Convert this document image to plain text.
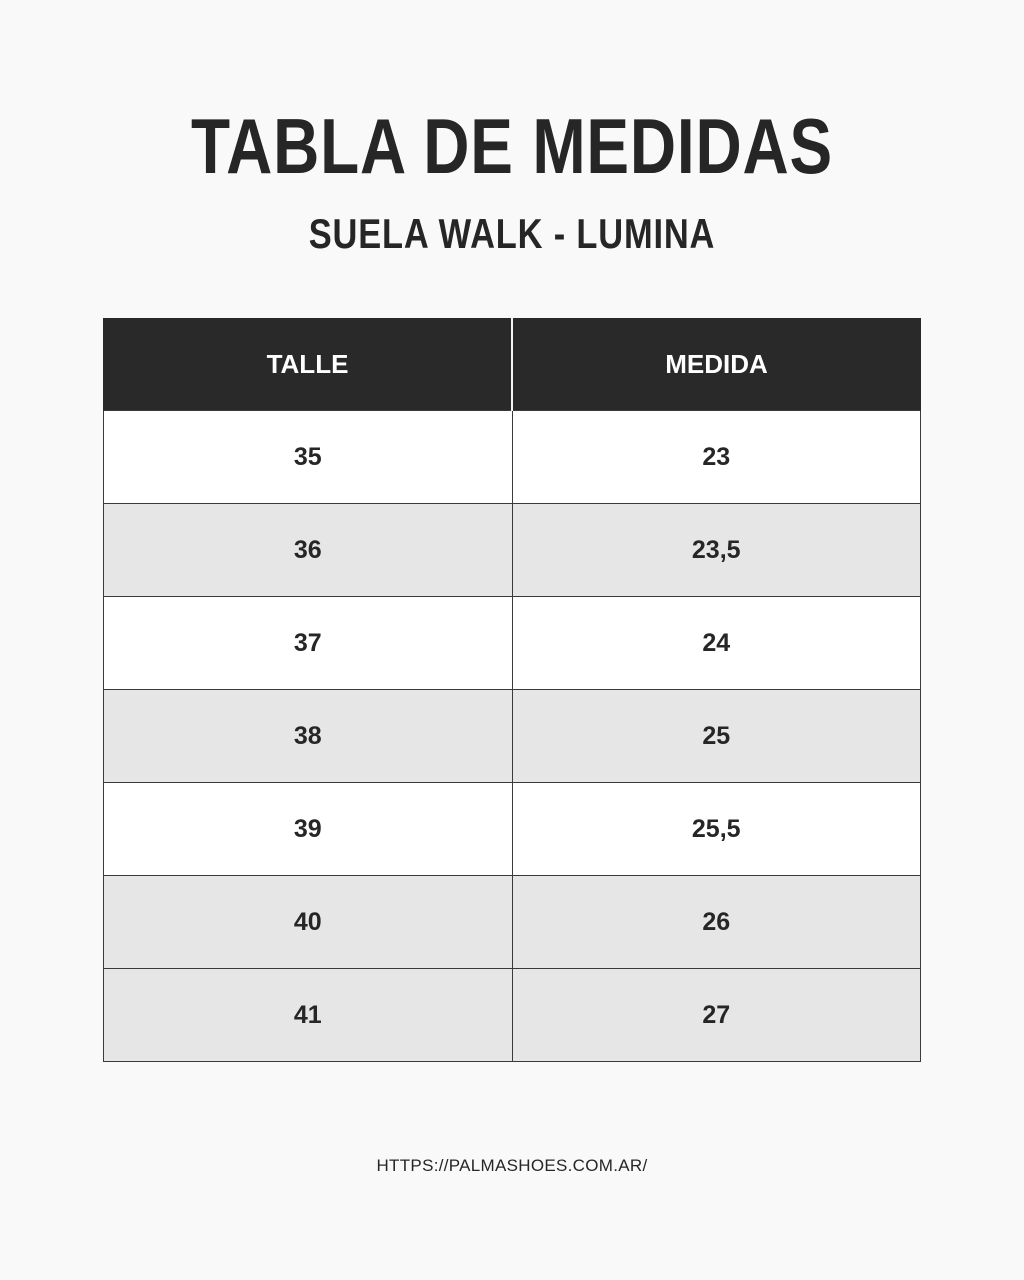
TABLA DE MEDIDAS
SUELA WALK - LUMINA
TALLE	MEDIDA
35	23
36	23,5
37	24
38	25
39	25,5
40	26
41	27
HTTPS://PALMASHOES.COM.AR/
